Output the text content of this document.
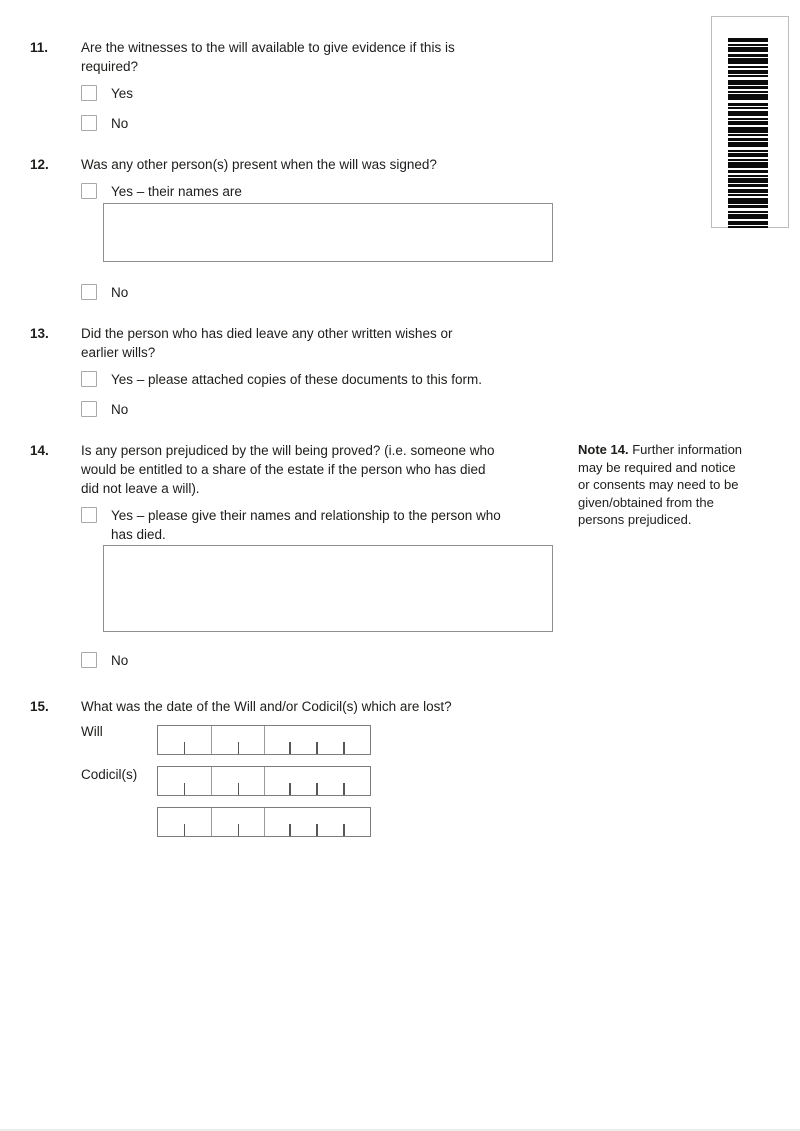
11. Are the witnesses to the will available to give evidence if this is
required?
Yes
No
12. Was any other person(s) present when the will was signed?
Yes – their names are
No
13. Did the person who has died leave any other written wishes or
earlier wills?
Yes – please attached copies of these documents to this form.
No
14. Is any person prejudiced by the will being proved? (i.e. someone who
would be entitled to a share of the estate if the person who has died
did not leave a will).
Yes – please give their names and relationship to the person who
has died.
No
Note 14. Further information
may be required and notice
or consents may need to be
given/obtained from the
persons prejudiced.
15. What was the date of the Will and/or Codicil(s) which are lost?
Will
Codicil(s)
